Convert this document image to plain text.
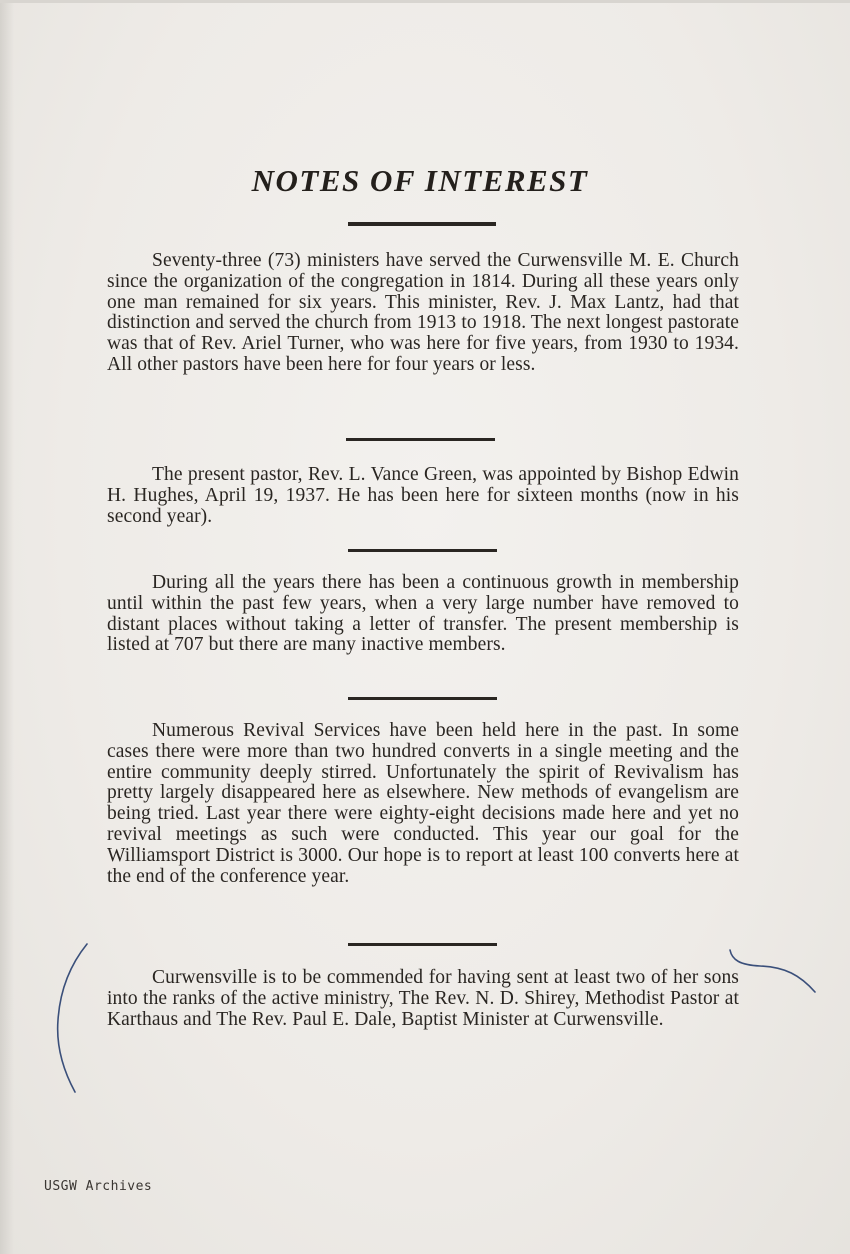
NOTES OF INTEREST

Seventy-three (73) ministers have served the Curwensville M. E. Church since the organization of the congregation in 1814. During all these years only one man remained for six years. This minister, Rev. J. Max Lantz, had that distinction and served the church from 1913 to 1918. The next longest pastorate was that of Rev. Ariel Turner, who was here for five years, from 1930 to 1934. All other pastors have been here for four years or less.

The present pastor, Rev. L. Vance Green, was appointed by Bishop Edwin H. Hughes, April 19, 1937. He has been here for sixteen months (now in his second year).

During all the years there has been a continuous growth in membership until within the past few years, when a very large number have removed to distant places without taking a letter of transfer. The present membership is listed at 707 but there are many inactive members.

Numerous Revival Services have been held here in the past. In some cases there were more than two hundred converts in a single meeting and the entire community deeply stirred. Unfortunately the spirit of Revivalism has pretty largely disappeared here as elsewhere. New methods of evangelism are being tried. Last year there were eighty-eight decisions made here and yet no revival meetings as such were conducted. This year our goal for the Williamsport District is 3000. Our hope is to report at least 100 converts here at the end of the conference year.

Curwensville is to be commended for having sent at least two of her sons into the ranks of the active ministry, The Rev. N. D. Shirey, Methodist Pastor at Karthaus and The Rev. Paul E. Dale, Baptist Minister at Curwensville.

USGW Archives
